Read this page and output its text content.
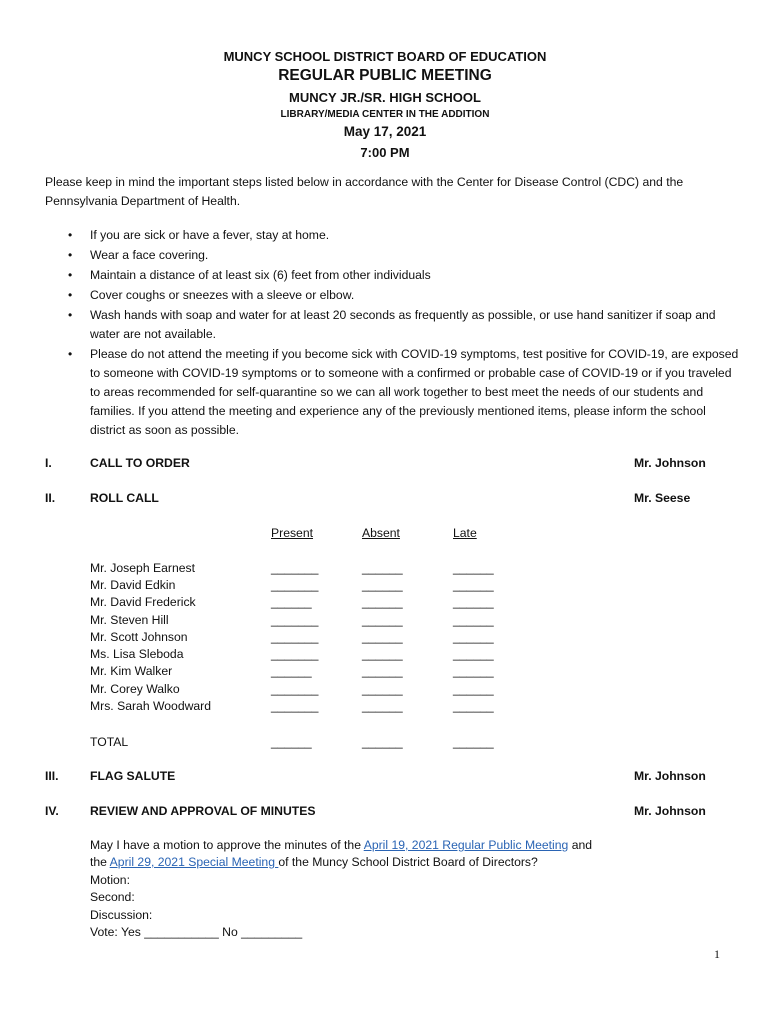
MUNCY SCHOOL DISTRICT BOARD OF EDUCATION
REGULAR PUBLIC MEETING
MUNCY JR./SR. HIGH SCHOOL
LIBRARY/MEDIA CENTER IN THE ADDITION
May 17, 2021
7:00 PM
Please keep in mind the important steps listed below in accordance with the Center for Disease Control (CDC) and the Pennsylvania Department of Health.
• If you are sick or have a fever, stay at home.
• Wear a face covering.
• Maintain a distance of at least six (6) feet from other individuals
• Cover coughs or sneezes with a sleeve or elbow.
• Wash hands with soap and water for at least 20 seconds as frequently as possible, or use hand sanitizer if soap and water are not available.
• Please do not attend the meeting if you become sick with COVID-19 symptoms, test positive for COVID-19, are exposed to someone with COVID-19 symptoms or to someone with a confirmed or probable case of COVID-19 or if you traveled to areas recommended for self-quarantine so we can all work together to best meet the needs of our students and families. If you attend the meeting and experience any of the previously mentioned items, please inform the school district as soon as possible.
I.	CALL TO ORDER	Mr. Johnson
II.	ROLL CALL	Mr. Seese
Present	Absent	Late
Mr. Joseph Earnest	_______	______	______
Mr. David Edkin	_______	______	______
Mr. David Frederick	______	______	______
Mr. Steven Hill	_______	______	______
Mr. Scott Johnson	_______	______	______
Ms. Lisa Sleboda	_______	______	______
Mr. Kim Walker	______	______	______
Mr. Corey Walko	_______	______	______
Mrs. Sarah Woodward	_______	______	______
TOTAL	______	______	______
III.	FLAG SALUTE	Mr. Johnson
IV.	REVIEW AND APPROVAL OF MINUTES	Mr. Johnson
May I have a motion to approve the minutes of the April 19, 2021 Regular Public Meeting and
the April 29, 2021 Special Meeting of the Muncy School District Board of Directors?
Motion:
Second:
Discussion:
Vote: Yes ___________ No _________
1
